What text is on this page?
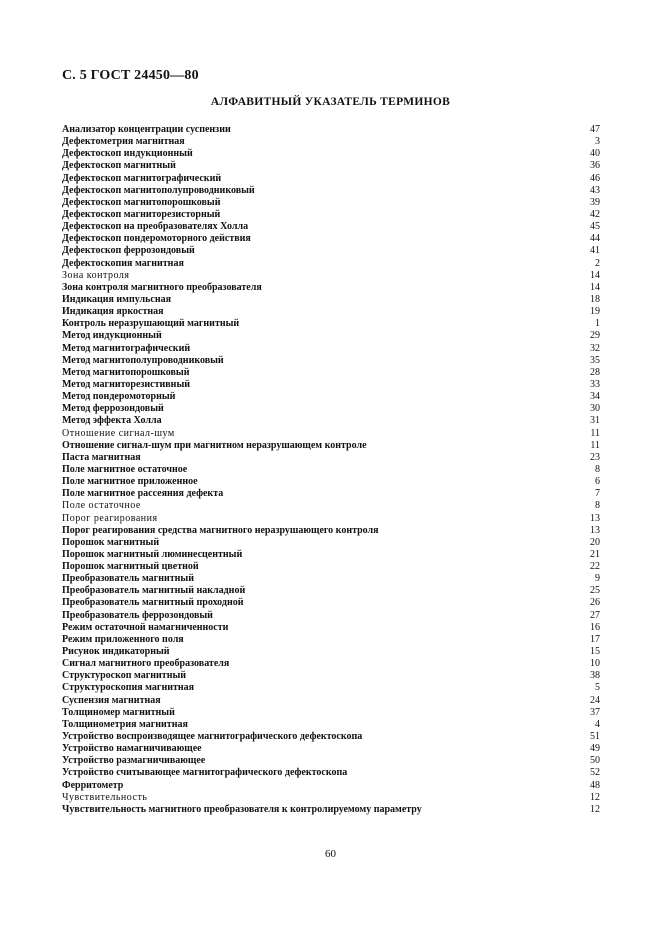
С. 5 ГОСТ 24450—80
АЛФАВИТНЫЙ УКАЗАТЕЛЬ ТЕРМИНОВ
Анализатор концентрации суспензии	47
Дефектометрия магнитная	3
Дефектоскоп индукционный	40
Дефектоскоп магнитный	36
Дефектоскоп магнитографический	46
Дефектоскоп магнитополупроводниковый	43
Дефектоскоп магнитопорошковый	39
Дефектоскоп магниторезисторный	42
Дефектоскоп на преобразователях Холла	45
Дефектоскоп пондеромоторного действия	44
Дефектоскоп феррозондовый	41
Дефектоскопия магнитная	2
Зона контроля	14
Зона контроля магнитного преобразователя	14
Индикация импульсная	18
Индикация яркостная	19
Контроль неразрушающий магнитный	1
Метод индукционный	29
Метод магнитографический	32
Метод магнитополупроводниковый	35
Метод магнитопорошковый	28
Метод магниторезистивный	33
Метод пондеромоторный	34
Метод феррозондовый	30
Метод эффекта Холла	31
Отношение сигнал-шум	11
Отношение сигнал-шум при магнитном неразрушающем контроле	11
Паста магнитная	23
Поле магнитное остаточное	8
Поле магнитное приложенное	6
Поле магнитное рассеяния дефекта	7
Поле остаточное	8
Порог реагирования	13
Порог реагирования средства магнитного неразрушающего контроля	13
Порошок магнитный	20
Порошок магнитный люминесцентный	21
Порошок магнитный цветной	22
Преобразователь магнитный	9
Преобразователь магнитный накладной	25
Преобразователь магнитный проходной	26
Преобразователь феррозондовый	27
Режим остаточной намагниченности	16
Режим приложенного поля	17
Рисунок индикаторный	15
Сигнал магнитного преобразователя	10
Структуроскоп магнитный	38
Структуроскопия магнитная	5
Суспензия магнитная	24
Толщиномер магнитный	37
Толщинометрия магнитная	4
Устройство воспроизводящее магнитографического дефектоскопа	51
Устройство намагничивающее	49
Устройство размагничивающее	50
Устройство считывающее магнитографического дефектоскопа	52
Ферритометр	48
Чувствительность	12
Чувствительность магнитного преобразователя к контролируемому параметру	12
60
